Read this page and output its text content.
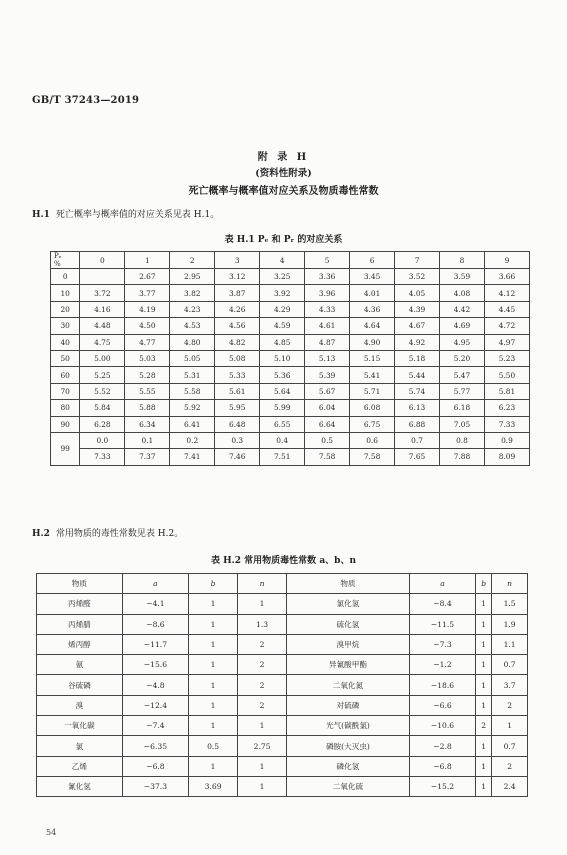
GB/T 37243—2019
附 录 H
(资料性附录)
死亡概率与概率值对应关系及物质毒性常数
H.1 死亡概率与概率值的对应关系见表 H.1。
表 H.1 Pₑ 和 Pᵣ 的对应关系
Pₑ
%	0	1	2	3	4	5	6	7	8	9
0		2.67	2.95	3.12	3.25	3.36	3.45	3.52	3.59	3.66
10	3.72	3.77	3.82	3.87	3.92	3.96	4.01	4.05	4.08	4.12
20	4.16	4.19	4.23	4.26	4.29	4.33	4.36	4.39	4.42	4.45
30	4.48	4.50	4.53	4.56	4.59	4.61	4.64	4.67	4.69	4.72
40	4.75	4.77	4.80	4.82	4.85	4.87	4.90	4.92	4.95	4.97
50	5.00	5.03	5.05	5.08	5.10	5.13	5.15	5.18	5.20	5.23
60	5.25	5.28	5.31	5.33	5.36	5.39	5.41	5.44	5.47	5.50
70	5.52	5.55	5.58	5.61	5.64	5.67	5.71	5.74	5.77	5.81
80	5.84	5.88	5.92	5.95	5.99	6.04	6.08	6.13	6.18	6.23
90	6.28	6.34	6.41	6.48	6.55	6.64	6.75	6.88	7.05	7.33
99	0.0	0.1	0.2	0.3	0.4	0.5	0.6	0.7	0.8	0.9
	7.33	7.37	7.41	7.46	7.51	7.58	7.58	7.65	7.88	8.09
H.2 常用物质的毒性常数见表 H.2。
表 H.2 常用物质毒性常数 a、b、n
物质	a	b	n	物质	a	b	n
丙烯醛	−4.1	1	1	氯化氢	−8.4	1	1.5
丙烯腈	−8.6	1	1.3	硫化氢	−11.5	1	1.9
烯丙醇	−11.7	1	2	溴甲烷	−7.3	1	1.1
氨	−15.6	1	2	异氰酸甲酯	−1.2	1	0.7
谷硫磷	−4.8	1	2	二氧化氮	−18.6	1	3.7
溴	−12.4	1	2	对硫磷	−6.6	1	2
一氧化碳	−7.4	1	1	光气(碳酰氯)	−10.6	2	1
氯	−6.35	0.5	2.75	磷胺(大灭虫)	−2.8	1	0.7
乙烯	−6.8	1	1	磷化氢	−6.8	1	2
氰化氢	−37.3	3.69	1	二氧化硫	−15.2	1	2.4
54
